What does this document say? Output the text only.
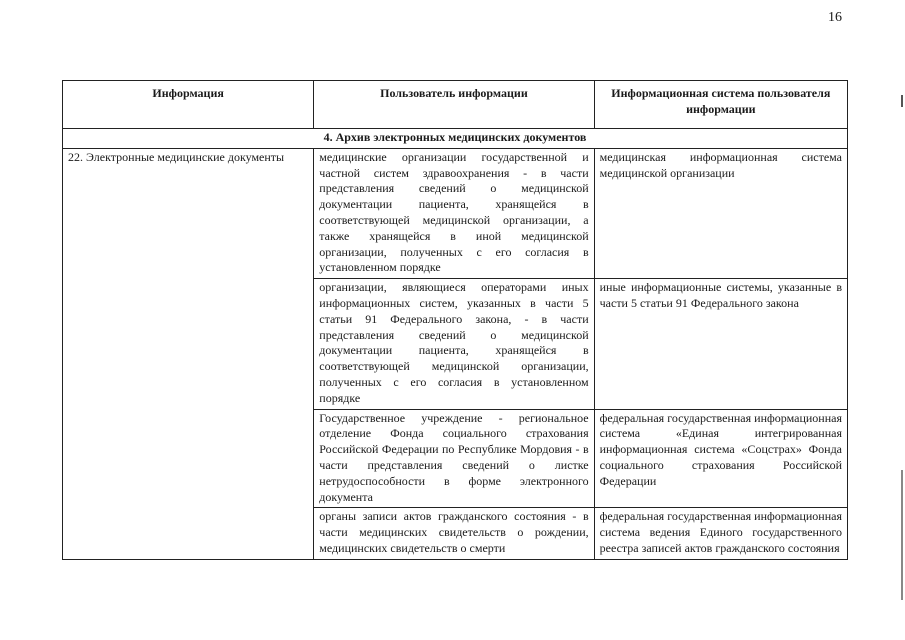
16
Информация	Пользователь информации	Информационная система пользователя информации
4. Архив электронных медицинских документов		
22. Электронные медицинские документы	медицинские организации государственной и частной систем здравоохранения - в части представления сведений о медицинской документации пациента, хранящейся в соответствующей медицинской организации, а также хранящейся в иной медицинской организации, полученных с его согласия в установленном порядке	медицинская информационная система медицинской организации
	организации, являющиеся операторами иных информационных систем, указанных в части 5 статьи 91 Федерального закона, - в части представления сведений о медицинской документации пациента, хранящейся в соответствующей медицинской организации, полученных с его согласия в установленном порядке	иные информационные системы, указанные в части 5 статьи 91 Федерального закона
	Государственное учреждение - региональное отделение Фонда социального страхования Российской Федерации по Республике Мордовия - в части представления сведений о листке нетрудоспособности в форме электронного документа	федеральная государственная информационная система «Единая интегрированная информационная система «Соцстрах» Фонда социального страхования Российской Федерации
	органы записи актов гражданского состояния - в части медицинских свидетельств о рождении, медицинских свидетельств о смерти	федеральная государственная информационная система ведения Единого государственного реестра записей актов гражданского состояния
